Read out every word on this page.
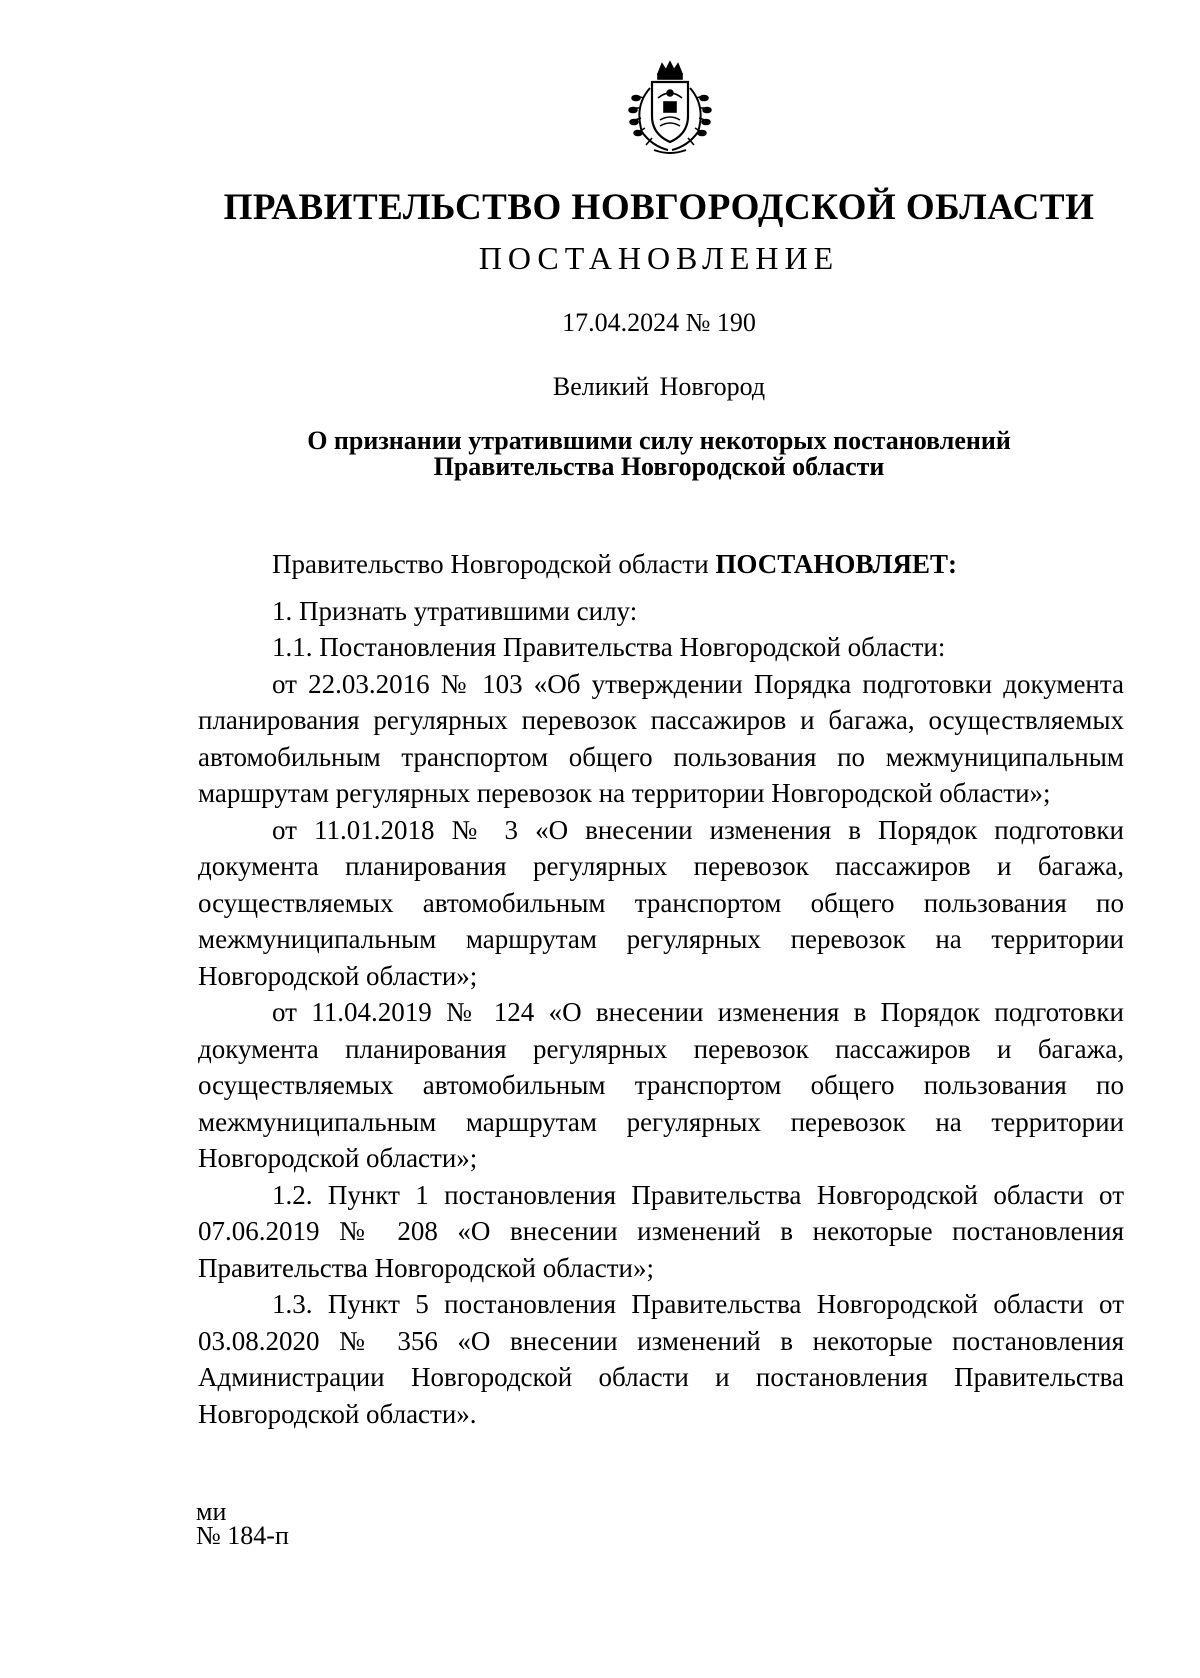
ПРАВИТЕЛЬСТВО НОВГОРОДСКОЙ ОБЛАСТИ
ПОСТАНОВЛЕНИЕ
17.04.2024 № 190
Великий Новгород
О признании утратившими силу некоторых постановлений
Правительства Новгородской области

Правительство Новгородской области ПОСТАНОВЛЯЕТ:

1. Признать утратившими силу:

1.1. Постановления Правительства Новгородской области:

от 22.03.2016 № 103 «Об утверждении Порядка подготовки документа планирования регулярных перевозок пассажиров и багажа, осуществляемых автомобильным транспортом общего пользования по межмуниципальным маршрутам регулярных перевозок на территории Новгородской области»;

от 11.01.2018 № 3 «О внесении изменения в Порядок подготовки документа планирования регулярных перевозок пассажиров и багажа, осуществляемых автомобильным транспортом общего пользования по межмуниципальным маршрутам регулярных перевозок на территории Новгородской области»;

от 11.04.2019 № 124 «О внесении изменения в Порядок подготовки документа планирования регулярных перевозок пассажиров и багажа, осуществляемых автомобильным транспортом общего пользования по межмуниципальным маршрутам регулярных перевозок на территории Новгородской области»;

1.2. Пункт 1 постановления Правительства Новгородской области от 07.06.2019 № 208 «О внесении изменений в некоторые постановления Правительства Новгородской области»;

1.3. Пункт 5 постановления Правительства Новгородской области от 03.08.2020 № 356 «О внесении изменений в некоторые постановления Администрации Новгородской области и постановления Правительства Новгородской области».

ми
№ 184-п
